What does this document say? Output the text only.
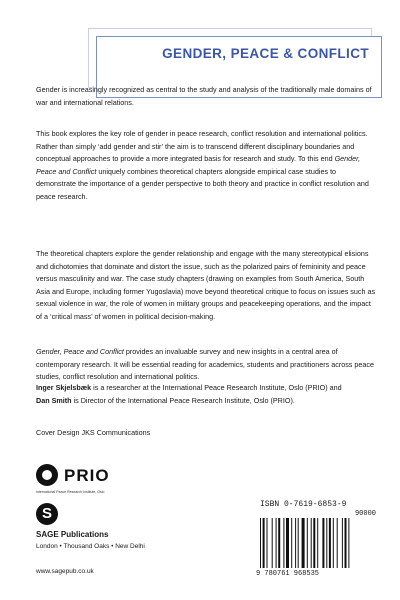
GENDER, PEACE & CONFLICT

Gender is increasingly recognized as central to the study and analysis of the traditionally male domains of war and international relations.

This book explores the key role of gender in peace research, conflict resolution and international politics. Rather than simply ‘add gender and stir’ the aim is to transcend different disciplinary boundaries and conceptual approaches to provide a more integrated basis for research and study. To this end Gender, Peace and Conflict uniquely combines theoretical chapters alongside empirical case studies to demonstrate the importance of a gender perspective to both theory and practice in conflict resolution and peace research.

The theoretical chapters explore the gender relationship and engage with the many stereotypical elisions and dichotomies that dominate and distort the issue, such as the polarized pairs of femininity and peace versus masculinity and war. The case study chapters (drawing on examples from South America, South Asia and Europe, including former Yugoslavia) move beyond theoretical critique to focus on issues such as sexual violence in war, the role of women in military groups and peacekeeping operations, and the impact of a ‘critical mass’ of women in political decision-making.

Gender, Peace and Conflict provides an invaluable survey and new insights in a central area of contemporary research. It will be essential reading for academics, students and practitioners across peace studies, conflict resolution and international politics.

Inger Skjelsbæk is a researcher at the International Peace Research Institute, Oslo (PRIO) and
Dan Smith is Director of the International Peace Research Institute, Oslo (PRIO).

Cover Design JKS Communications

PRIO
International Peace Research Institute, Oslo
S

SAGE Publications

London • Thousand Oaks • New Delhi

www.sagepub.co.uk

ISBN 0-7619-6853-9
90000
9 780761 968535
